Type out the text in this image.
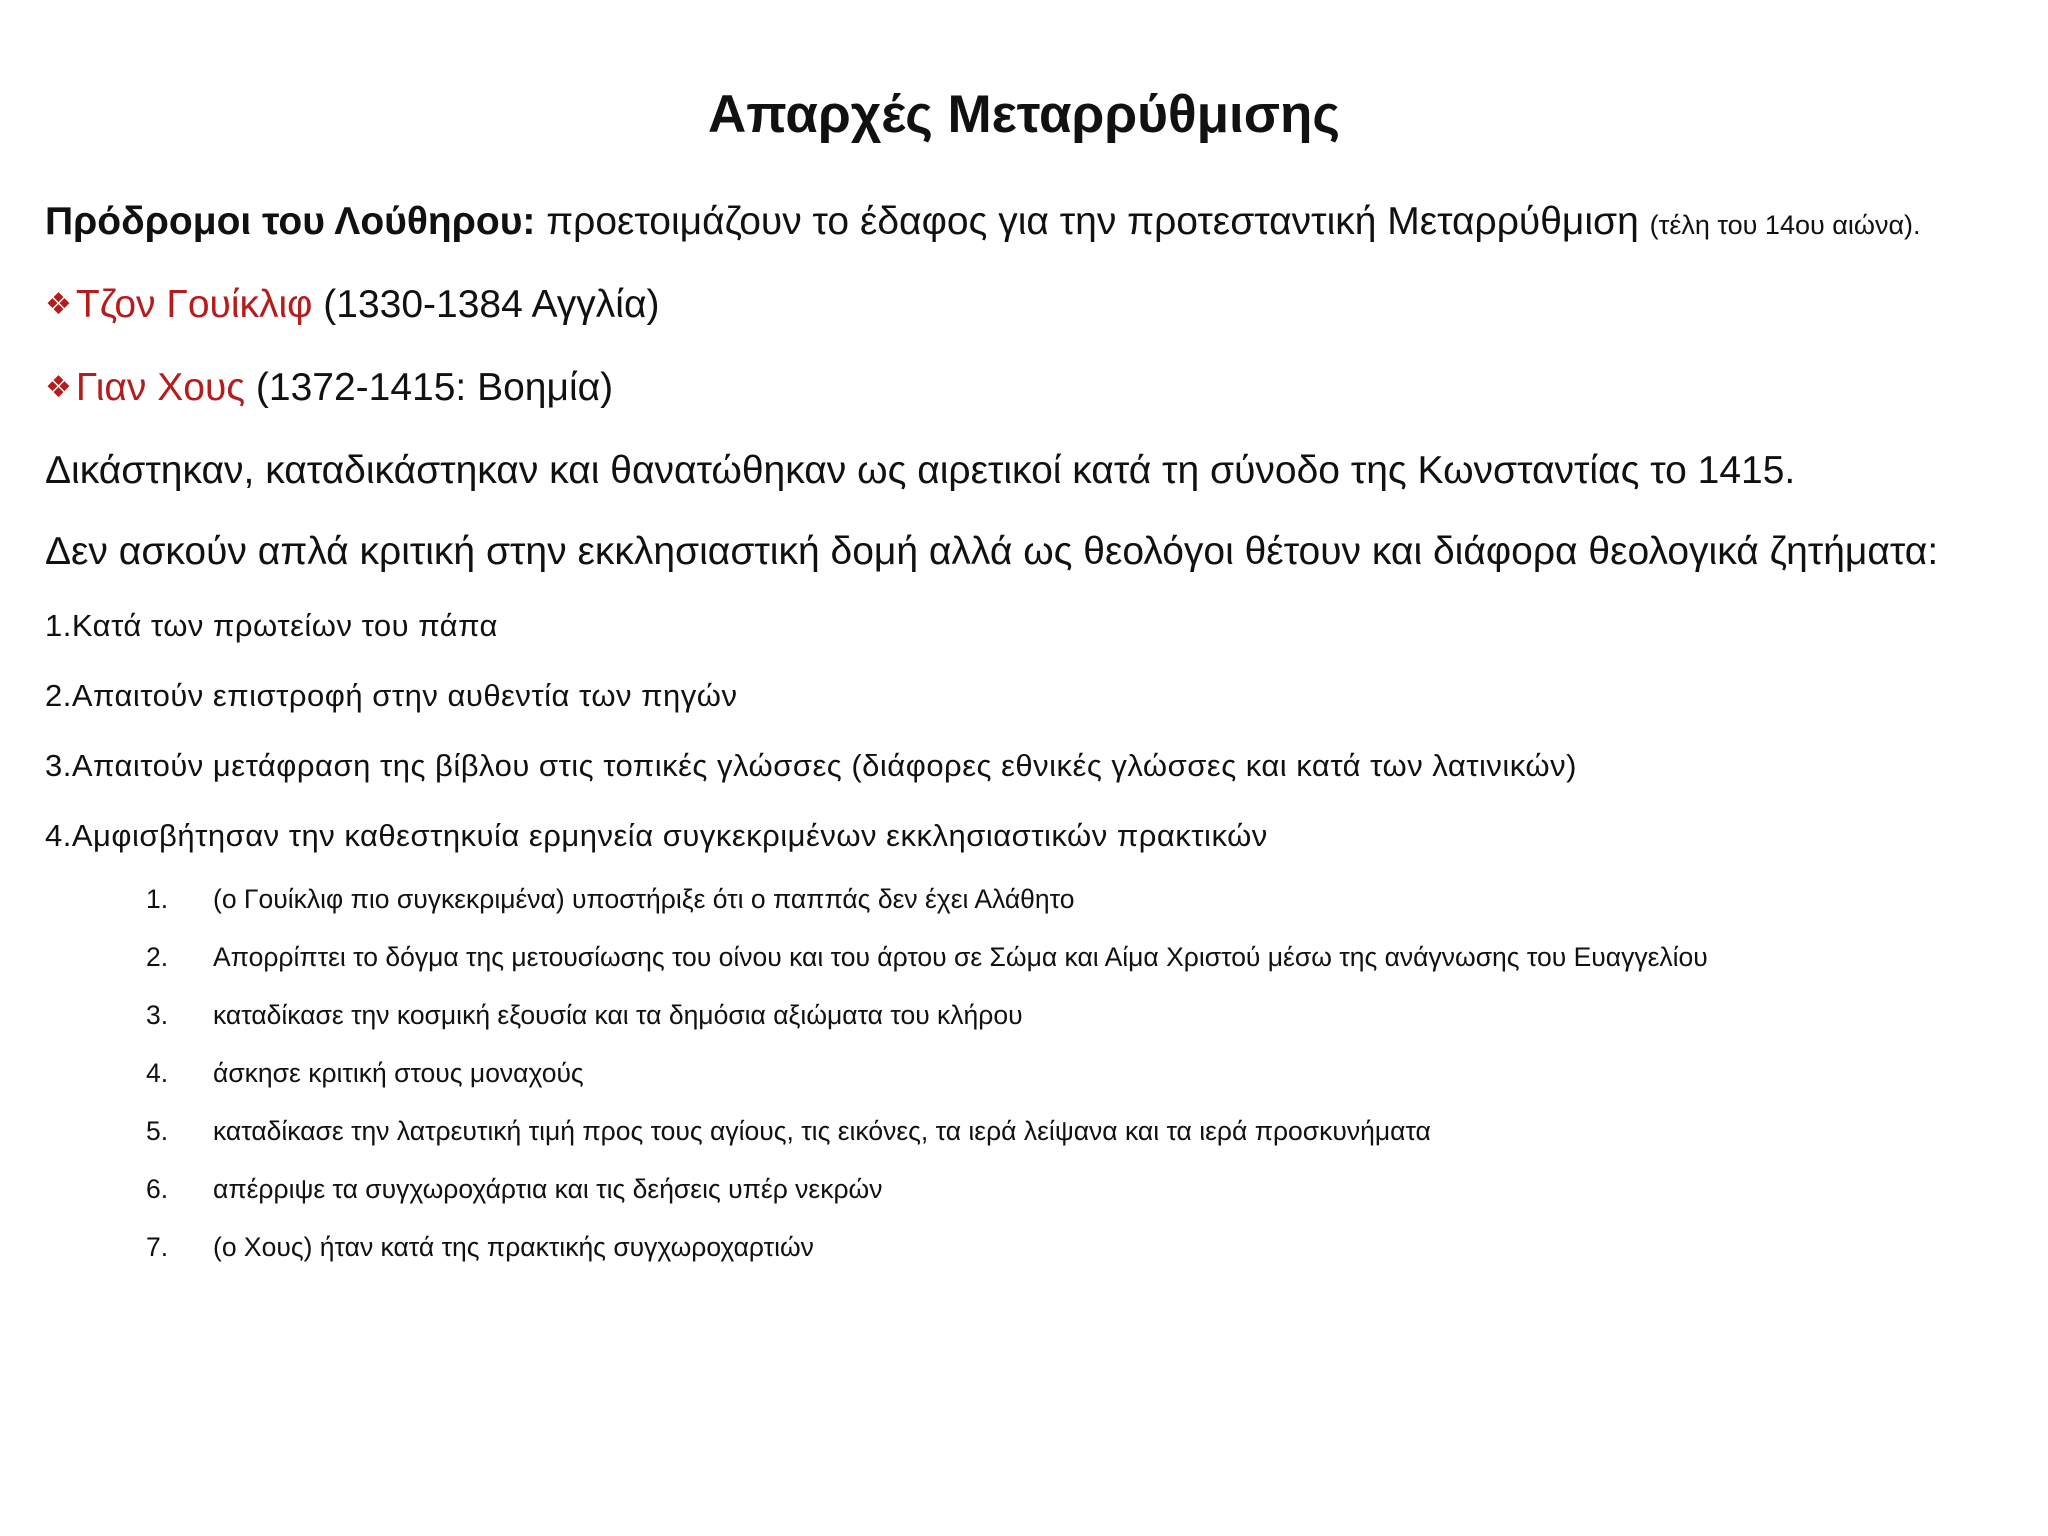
Απαρχές Μεταρρύθμισης
Πρόδρομοι του Λούθηρου: προετοιμάζουν το έδαφος για την προτεσταντική Μεταρρύθμιση (τέλη του 14ου αιώνα).
❖ Τζον Γουίκλιφ (1330-1384 Αγγλία)
❖ Γιαν Χους (1372-1415: Βοημία)
Δικάστηκαν, καταδικάστηκαν και θανατώθηκαν ως αιρετικοί κατά τη σύνοδο της Κωνσταντίας το 1415.
Δεν ασκούν απλά κριτική στην εκκλησιαστική δομή αλλά ως θεολόγοι θέτουν και διάφορα θεολογικά ζητήματα:
1.Κατά των πρωτείων του πάπα
2.Απαιτούν επιστροφή στην αυθεντία των πηγών
3.Απαιτούν μετάφραση της βίβλου στις τοπικές γλώσσες (διάφορες εθνικές γλώσσες και κατά των λατινικών)
4.Αμφισβήτησαν την καθεστηκυία ερμηνεία συγκεκριμένων εκκλησιαστικών πρακτικών
1. (ο Γουίκλιφ πιο συγκεκριμένα) υποστήριξε ότι ο παππάς δεν έχει Αλάθητο
2. Απορρίπτει το δόγμα της μετουσίωσης του οίνου και του άρτου σε Σώμα και Αίμα Χριστού μέσω της ανάγνωσης του Ευαγγελίου
3. καταδίκασε την κοσμική εξουσία και τα δημόσια αξιώματα του κλήρου
4. άσκησε κριτική στους μοναχούς
5. καταδίκασε την λατρευτική τιμή προς τους αγίους, τις εικόνες, τα ιερά λείψανα και τα ιερά προσκυνήματα
6. απέρριψε τα συγχωροχάρτια και τις δεήσεις υπέρ νεκρών
7. (ο Χους) ήταν κατά της πρακτικής συγχωροχαρτιών
